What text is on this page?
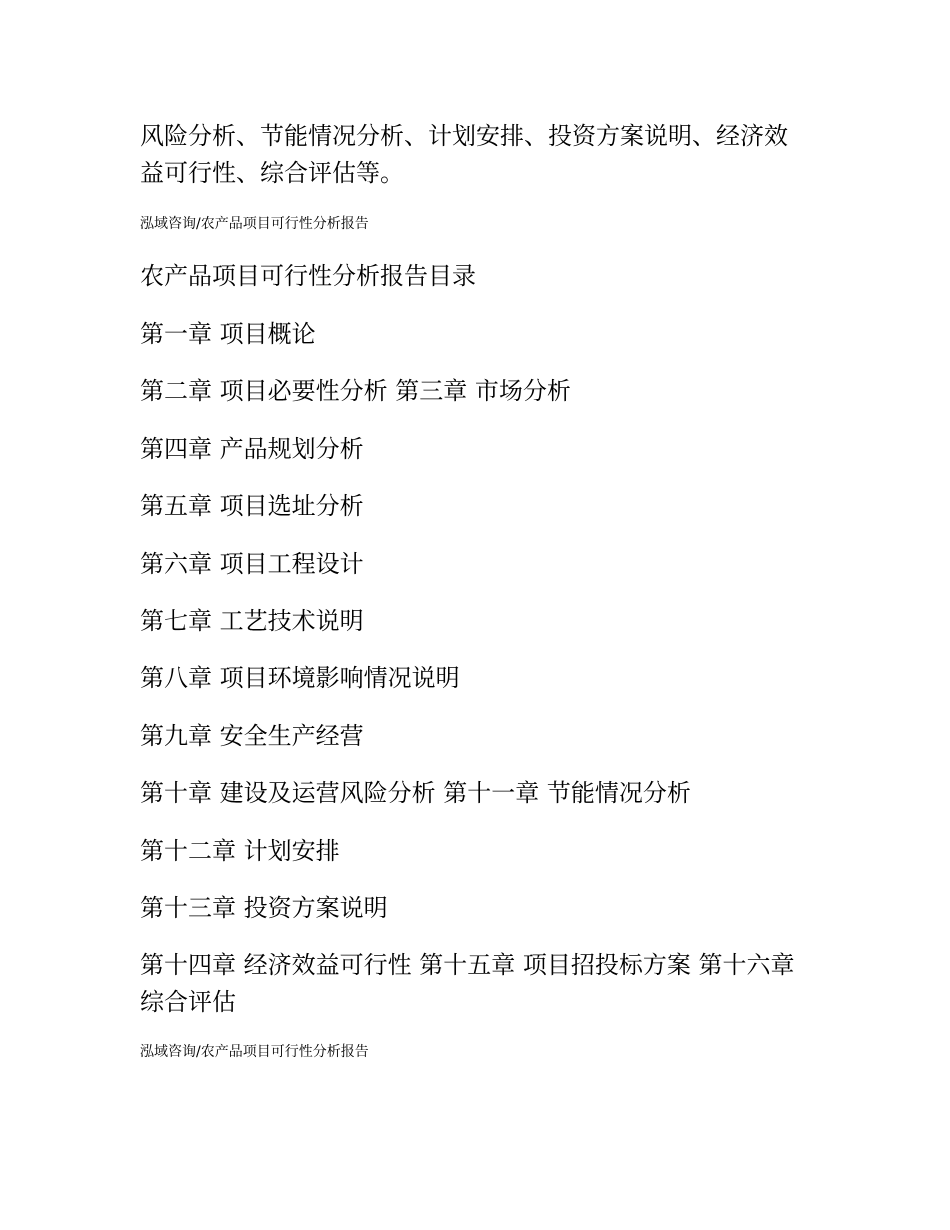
风险分析、节能情况分析、计划安排、投资方案说明、经济效益可行性、综合评估等。

泓域咨询/农产品项目可行性分析报告

农产品项目可行性分析报告目录
第一章 项目概论
第二章 项目必要性分析 第三章 市场分析
第四章 产品规划分析
第五章 项目选址分析
第六章 项目工程设计
第七章 工艺技术说明
第八章 项目环境影响情况说明
第九章 安全生产经营
第十章 建设及运营风险分析 第十一章 节能情况分析
第十二章 计划安排
第十三章 投资方案说明
第十四章 经济效益可行性 第十五章 项目招投标方案 第十六章 综合评估

泓域咨询/农产品项目可行性分析报告
